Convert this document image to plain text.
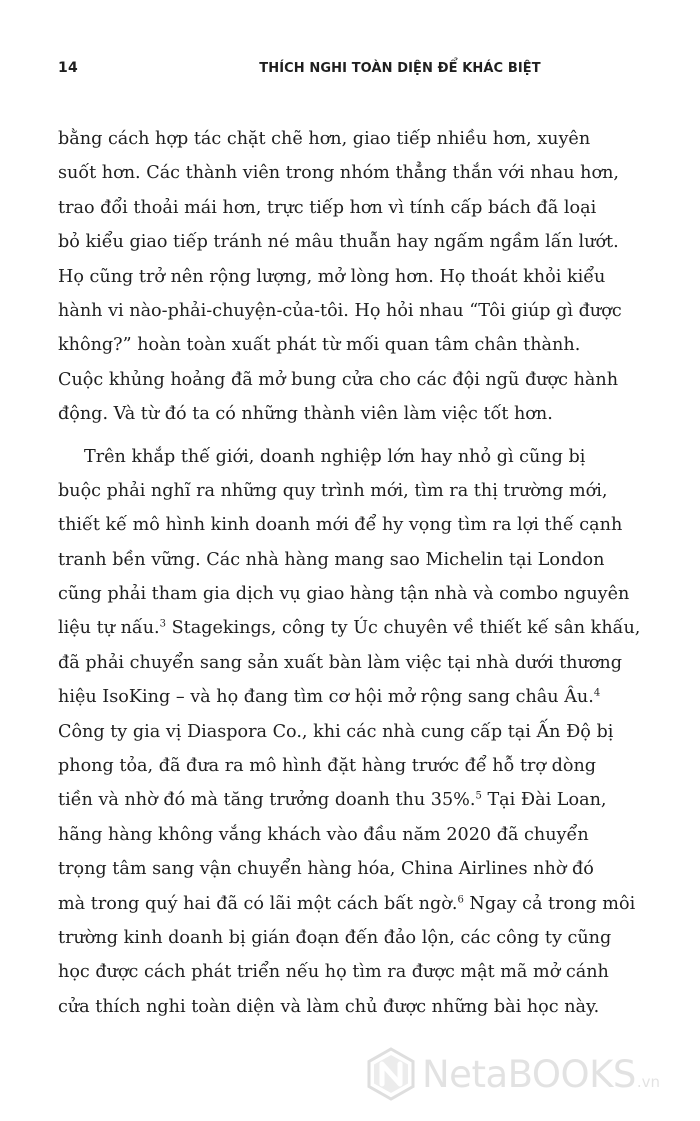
14	THÍCH NGHI TOÀN DIỆN ĐỂ KHÁC BIỆT
bằng cách hợp tác chặt chẽ hơn, giao tiếp nhiều hơn, xuyên
suốt hơn. Các thành viên trong nhóm thẳng thắn với nhau hơn,
trao đổi thoải mái hơn, trực tiếp hơn vì tính cấp bách đã loại
bỏ kiểu giao tiếp tránh né mâu thuẫn hay ngấm ngầm lấn lướt.
Họ cũng trở nên rộng lượng, mở lòng hơn. Họ thoát khỏi kiểu
hành vi nào-phải-chuyện-của-tôi. Họ hỏi nhau “Tôi giúp gì được
không?” hoàn toàn xuất phát từ mối quan tâm chân thành.
Cuộc khủng hoảng đã mở bung cửa cho các đội ngũ được hành
động. Và từ đó ta có những thành viên làm việc tốt hơn.
Trên khắp thế giới, doanh nghiệp lớn hay nhỏ gì cũng bị
buộc phải nghĩ ra những quy trình mới, tìm ra thị trường mới,
thiết kế mô hình kinh doanh mới để hy vọng tìm ra lợi thế cạnh
tranh bền vững. Các nhà hàng mang sao Michelin tại London
cũng phải tham gia dịch vụ giao hàng tận nhà và combo nguyên
liệu tự nấu.$^3$ Stagekings, công ty Úc chuyên về thiết kế sân khấu,
đã phải chuyển sang sản xuất bàn làm việc tại nhà dưới thương
hiệu IsoKing – và họ đang tìm cơ hội mở rộng sang châu Âu.$^4$
Công ty gia vị Diaspora Co., khi các nhà cung cấp tại Ấn Độ bị
phong tỏa, đã đưa ra mô hình đặt hàng trước để hỗ trợ dòng
tiền và nhờ đó mà tăng trưởng doanh thu 35%.$^5$ Tại Đài Loan,
hãng hàng không vắng khách vào đầu năm 2020 đã chuyển
trọng tâm sang vận chuyển hàng hóa, China Airlines nhờ đó
mà trong quý hai đã có lãi một cách bất ngờ.$^6$ Ngay cả trong môi
trường kinh doanh bị gián đoạn đến đảo lộn, các công ty cũng
học được cách phát triển nếu họ tìm ra được mật mã mở cánh
cửa thích nghi toàn diện và làm chủ được những bài học này.
NetaBOOKS .vn
